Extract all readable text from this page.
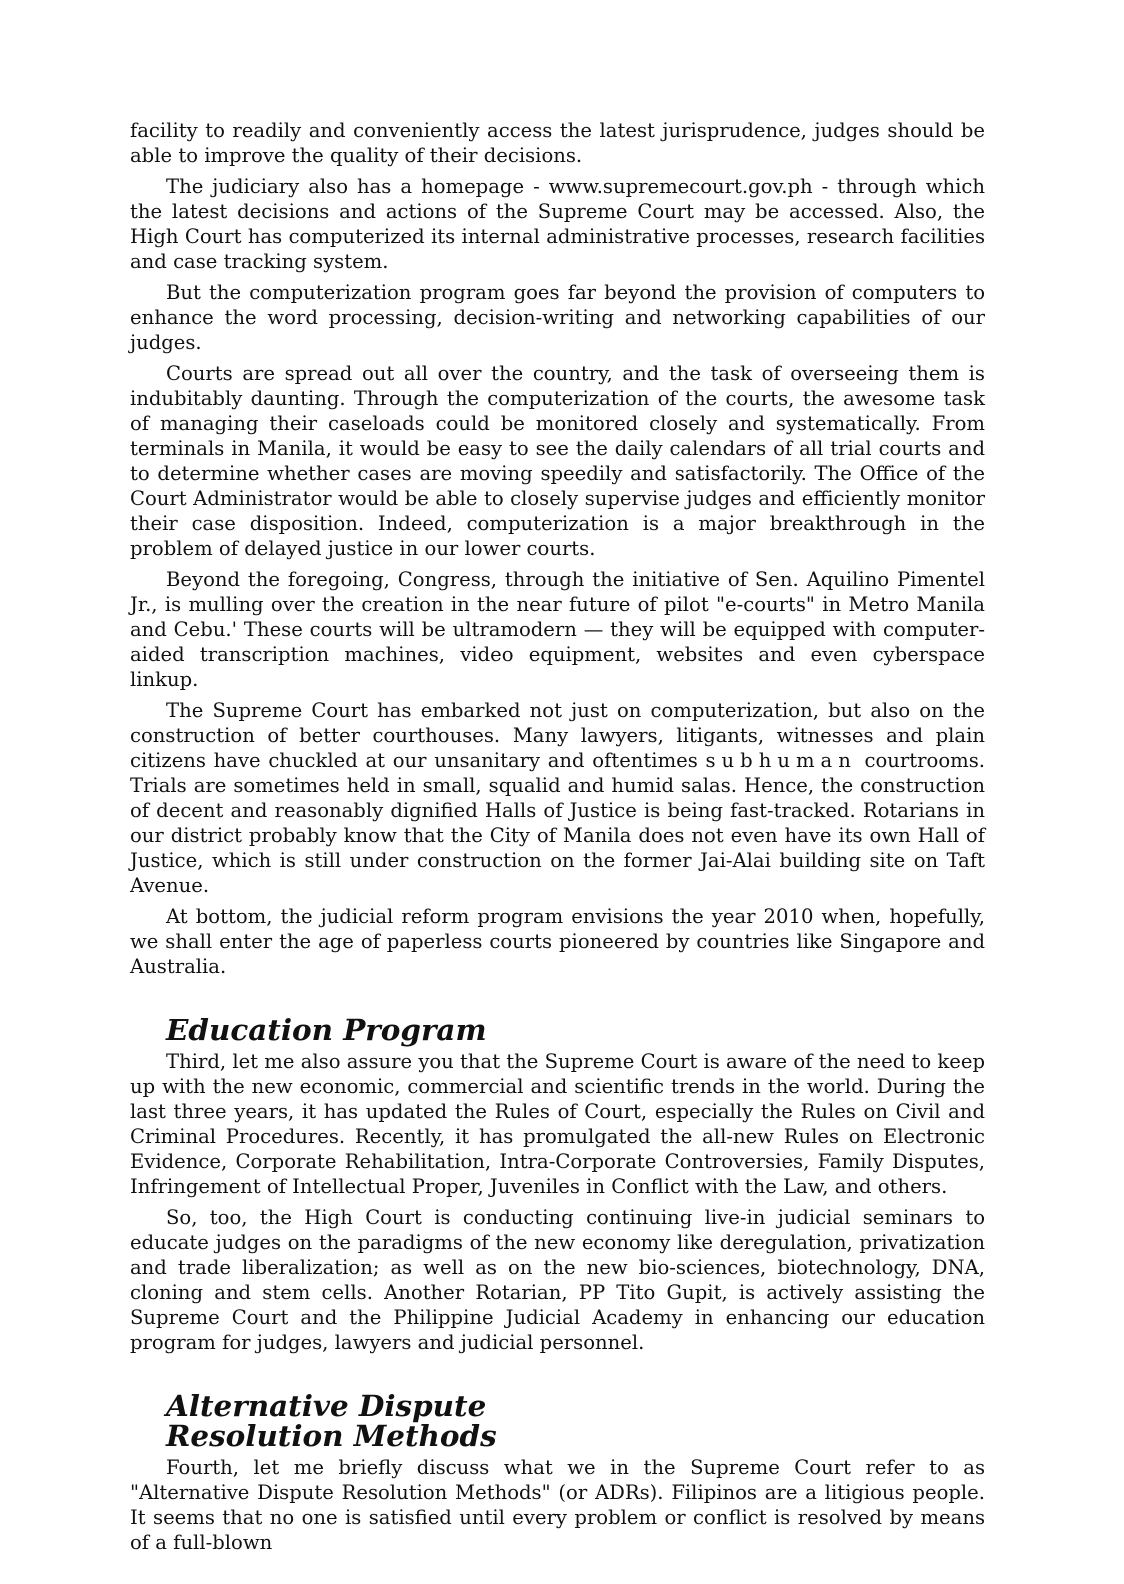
facility to readily and conveniently access the latest jurisprudence, judges should be able to improve the quality of their decisions.

The judiciary also has a homepage - www.supremecourt.gov.ph - through which the latest decisions and actions of the Supreme Court may be accessed. Also, the High Court has computerized its internal administrative processes, research facilities and case tracking system.

But the computerization program goes far beyond the provision of computers to enhance the word processing, decision-writing and networking capabilities of our judges.

Courts are spread out all over the country, and the task of overseeing them is indubitably daunting. Through the computerization of the courts, the awesome task of managing their caseloads could be monitored closely and systematically. From terminals in Manila, it would be easy to see the daily calendars of all trial courts and to determine whether cases are moving speedily and satisfactorily. The Office of the Court Administrator would be able to closely supervise judges and efficiently monitor their case disposition. Indeed, computerization is a major breakthrough in the problem of delayed justice in our lower courts.

Beyond the foregoing, Congress, through the initiative of Sen. Aquilino Pimentel Jr., is mulling over the creation in the near future of pilot "e-courts" in Metro Manila and Cebu.' These courts will be ultramodern — they will be equipped with computer-aided transcription machines, video equipment, websites and even cyberspace linkup.

The Supreme Court has embarked not just on computerization, but also on the construction of better courthouses. Many lawyers, litigants, witnesses and plain citizens have chuckled at our unsanitary and oftentimes subhuman courtrooms. Trials are sometimes held in small, squalid and humid salas. Hence, the construction of decent and reasonably dignified Halls of Justice is being fast-tracked. Rotarians in our district probably know that the City of Manila does not even have its own Hall of Justice, which is still under construction on the former Jai-Alai building site on Taft Avenue.

At bottom, the judicial reform program envisions the year 2010 when, hopefully, we shall enter the age of paperless courts pioneered by countries like Singapore and Australia.

Education Program

Third, let me also assure you that the Supreme Court is aware of the need to keep up with the new economic, commercial and scientific trends in the world. During the last three years, it has updated the Rules of Court, especially the Rules on Civil and Criminal Procedures. Recently, it has promulgated the all-new Rules on Electronic Evidence, Corporate Rehabilitation, Intra-Corporate Controversies, Family Disputes, Infringement of Intellectual Proper, Juveniles in Conflict with the Law, and others.

So, too, the High Court is conducting continuing live-in judicial seminars to educate judges on the paradigms of the new economy like deregulation, privatization and trade liberalization; as well as on the new bio-sciences, biotechnology, DNA, cloning and stem cells. Another Rotarian, PP Tito Gupit, is actively assisting the Supreme Court and the Philippine Judicial Academy in enhancing our education program for judges, lawyers and judicial personnel.

Alternative Dispute
Resolution Methods

Fourth, let me briefly discuss what we in the Supreme Court refer to as "Alternative Dispute Resolution Methods" (or ADRs). Filipinos are a litigious people. It seems that no one is satisfied until every problem or conflict is resolved by means of a full-blown
